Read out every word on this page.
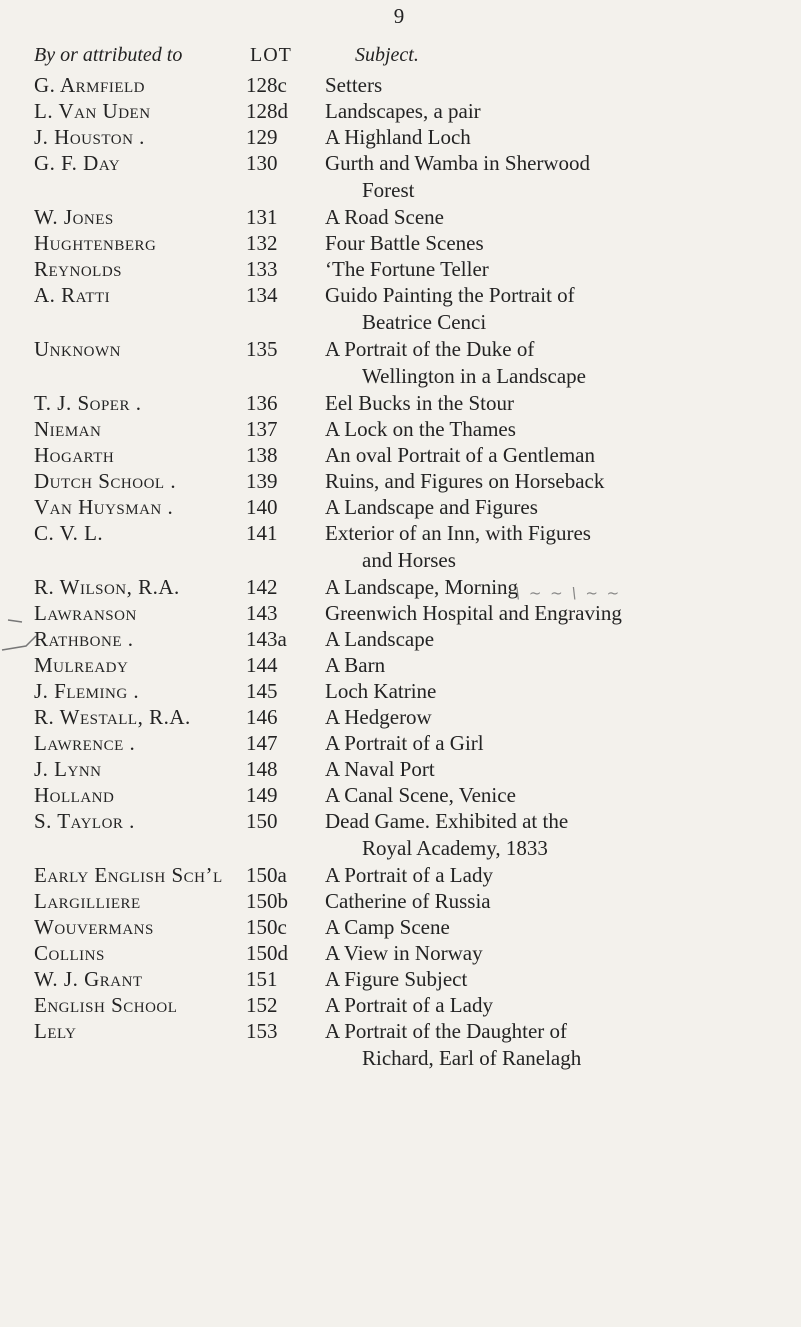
9
By or attributed to	LOT	Subject.
G. Armfield	128c	Setters
L. Van Uden	128d	Landscapes, a pair
J. Houston .	129	A Highland Loch
G. F. Day	130	Gurth and Wamba in Sherwood
Forest
W. Jones	131	A Road Scene
Hughtenberg	132	Four Battle Scenes
Reynolds	133	‘The Fortune Teller
A. Ratti	134	Guido Painting the Portrait of
Beatrice Cenci
Unknown	135	A Portrait of the Duke of
Wellington in a Landscape
T. J. Soper .	136	Eel Bucks in the Stour
Nieman	137	A Lock on the Thames
Hogarth	138	An oval Portrait of a Gentleman
Dutch School .	139	Ruins, and Figures on Horseback
Van Huysman .	140	A Landscape and Figures
C. V. L.	141	Exterior of an Inn, with Figures
and Horses
R. Wilson, R.A.	142	A Landscape, Morning
Lawranson	143	Greenwich Hospital and Engraving
Rathbone .	143a	A Landscape
Mulready	144	A Barn
J. Fleming .	145	Loch Katrine
R. Westall, R.A.	146	A Hedgerow
Lawrence .	147	A Portrait of a Girl
J. Lynn	148	A Naval Port
Holland	149	A Canal Scene, Venice
S. Taylor .	150	Dead Game. Exhibited at the
Royal Academy, 1833
Early English Sch’l	150a	A Portrait of a Lady
Largilliere	150b	Catherine of Russia
Wouvermans	150c	A Camp Scene
Collins	150d	A View in Norway
W. J. Grant	151	A Figure Subject
English School	152	A Portrait of a Lady
Lely	153	A Portrait of the Daughter of
Richard, Earl of Ranelagh
\ ~ ~ \ ~ ~
